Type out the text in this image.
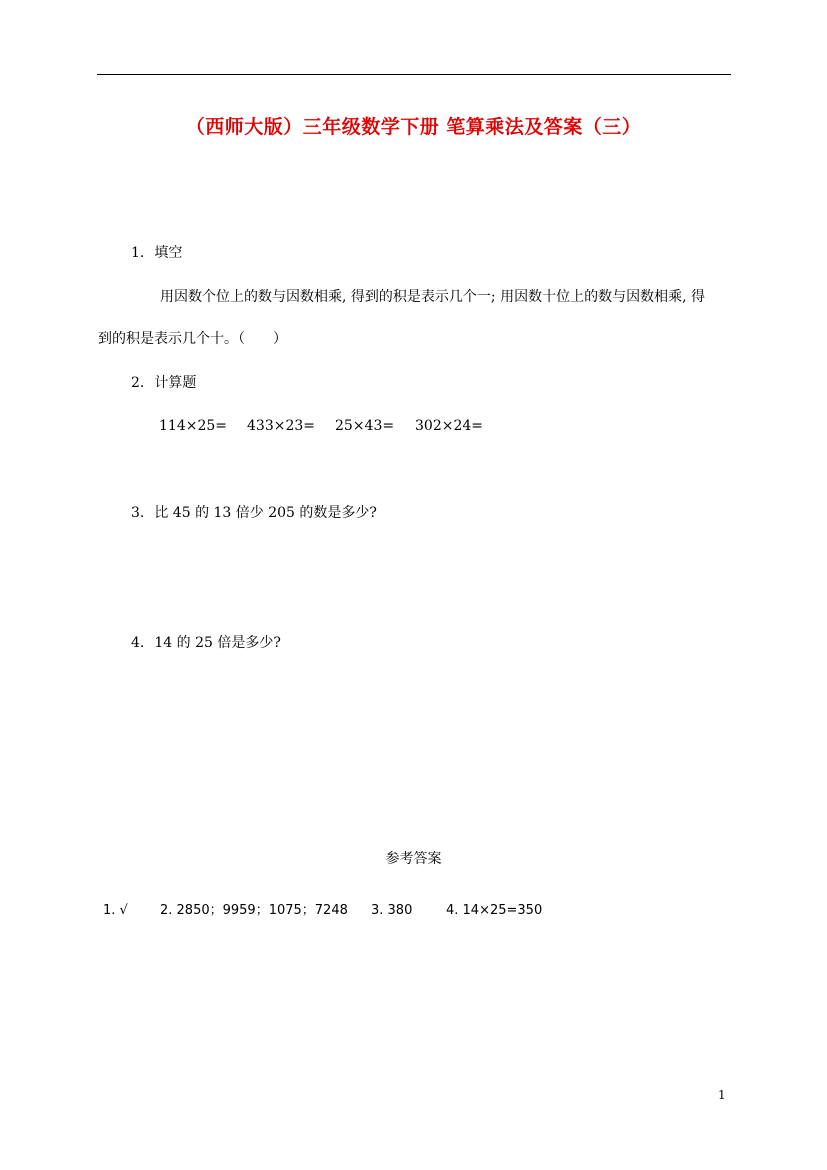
（西师大版）三年级数学下册 笔算乘法及答案（三）
1. 填空
用因数个位上的数与因数相乘, 得到的积是表示几个一; 用因数十位上的数与因数相乘, 得
到的积是表示几个十。（　　）
2. 计算题
114×25= 433×23= 25×43= 302×24=
3. 比 45 的 13 倍少 205 的数是多少?
4. 14 的 25 倍是多少?
参考答案
1. √ 2. 2850；9959；1075；7248 3. 380	4. 14×25=350
1
